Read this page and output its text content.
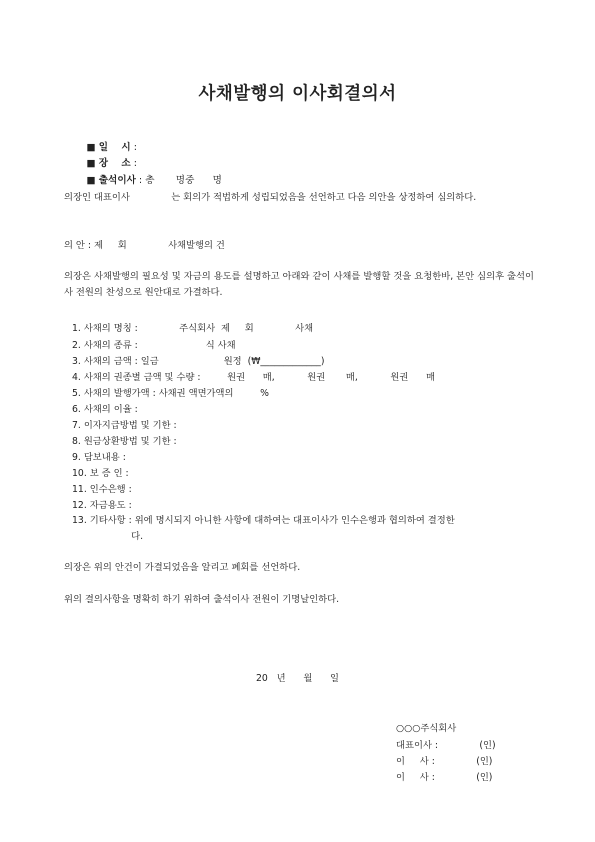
사채발행의 이사회결의서

■ 일    시 :

■ 장    소 :

■ 출석이사 : 총       명중      명

의장인 대표이사              는 회의가 적법하게 성립되었음을 선언하고 다음 의안을 상정하여 심의하다.
의 안 : 제     회              사채발행의 건
의장은 사채발행의 필요성 및 자금의 용도를 설명하고 아래와 같이 사채를 발행할 것을 요청한바, 본안 심의후 출석이사 전원의 찬성으로 원안대로 가결하다.
1. 사채의 명칭 :              주식회사  제     회              사채
2. 사채의 종류 :                       식 사채
3. 사채의 금액 : 일금                      원정  (₩_____________)
4. 사채의 권종별 금액 및 수량 :         원권      매,           원권       매,           원권      매
5. 사채의 발행가액 : 사채권 액면가액의         %
6. 사채의 이율 :
7. 이자지급방법 및 기한 :
8. 원금상환방법 및 기한 :
9. 담보내용 :
10. 보 증 인 :
11. 인수은행 :
12. 자금용도 :
13. 기타사항 : 위에 명시되지 아니한 사항에 대하여는 대표이사가 인수은행과 협의하여 결정한
다.
의장은 위의 안건이 가결되었음을 알리고 폐회를 선언하다.
위의 결의사항을 명확히 하기 위하여 출석이사 전원이 기명날인하다.
20   년      월      일
○○○주식회사
대표이사 :              (인)
이     사 :              (인)
이     사 :              (인)
